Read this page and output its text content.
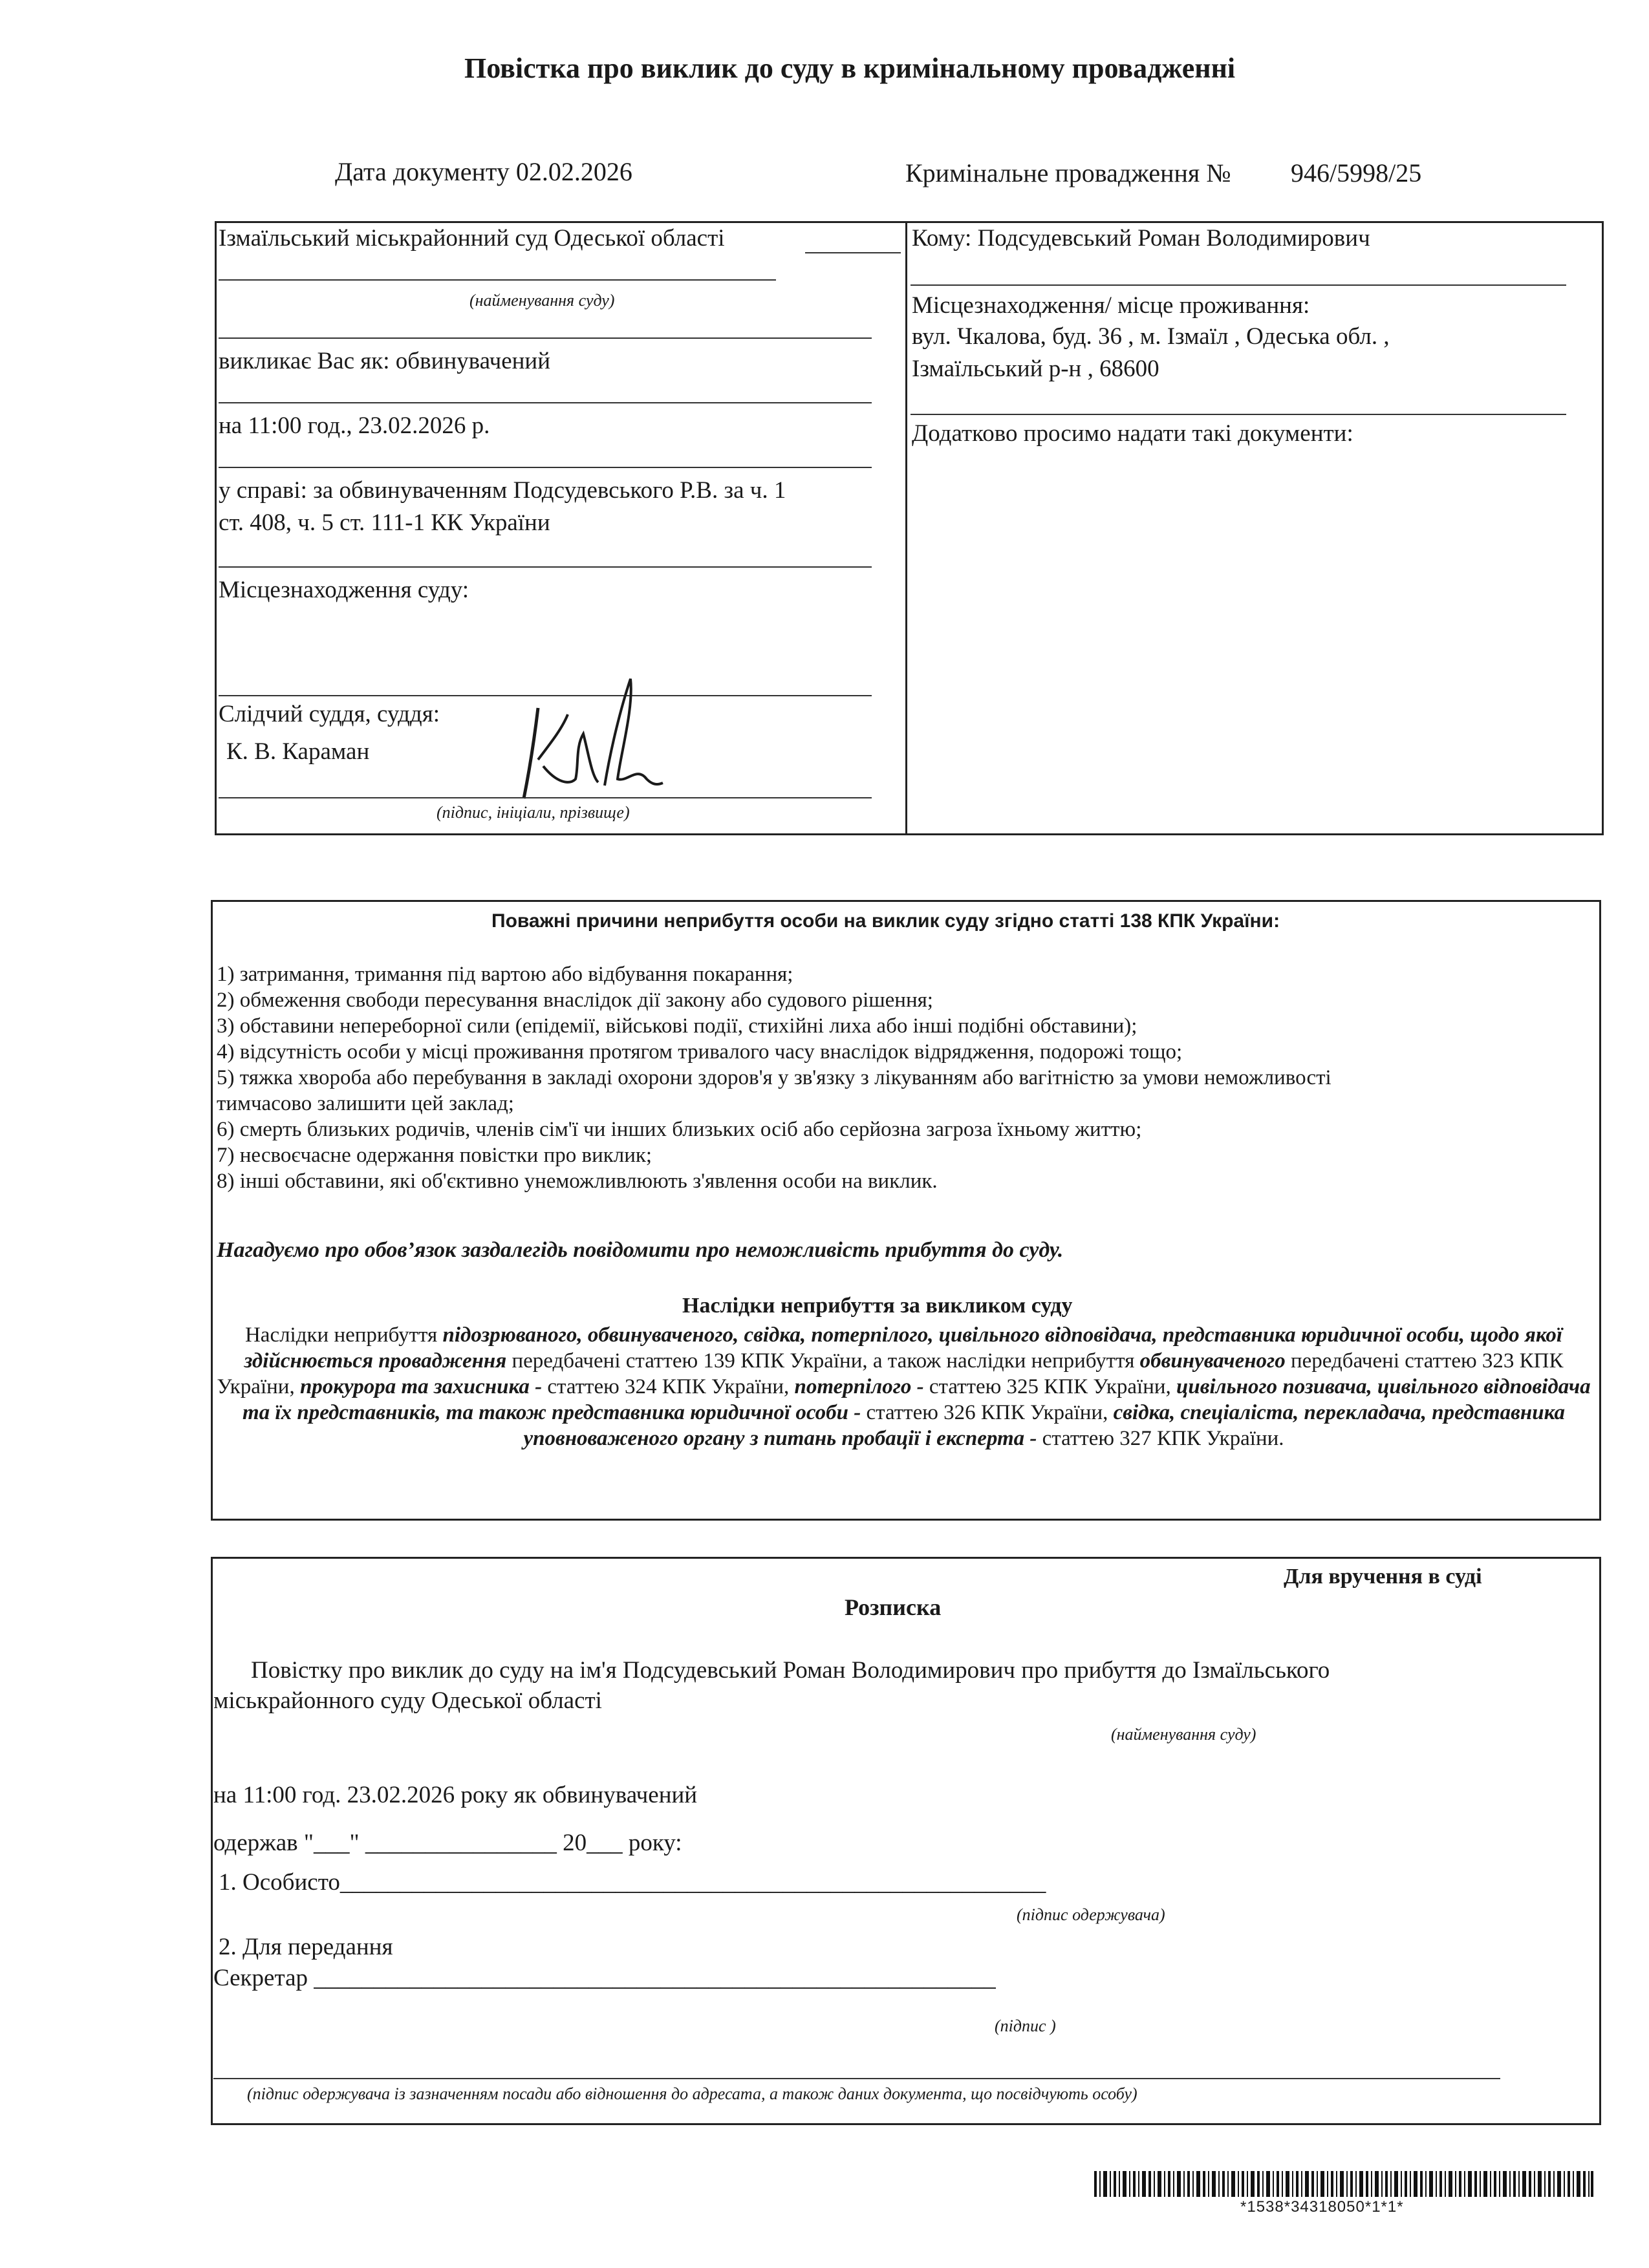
Повістка про виклик до суду в кримінальному провадженні
Дата документу 02.02.2026	Кримінальне провадження № 946/5998/25
Ізмаїльський міськрайонний суд Одеської області
(найменування суду)
викликає Вас як: обвинувачений
на 11:00 год., 23.02.2026 р.
у справі: за обвинуваченням Подсудевського Р.В. за ч. 1
ст. 408, ч. 5 ст. 111-1 КК України
Місцезнаходження суду:
Слідчий суддя, суддя:
К. В. Караман
(підпис, ініціали, прізвище)
Кому: Подсудевський Роман Володимирович
Місцезнаходження/ місце проживання:
вул. Чкалова, буд. 36 , м. Ізмаїл , Одеська обл. ,
Ізмаїльський р-н , 68600
Додатково просимо надати такі документи:
Поважні причини неприбуття особи на виклик суду згідно статті 138 КПК України:
1) затримання, тримання під вартою або відбування покарання;
2) обмеження свободи пересування внаслідок дії закону або судового рішення;
3) обставини непереборної сили (епідемії, військові події, стихійні лиха або інші подібні обставини);
4) відсутність особи у місці проживання протягом тривалого часу внаслідок відрядження, подорожі тощо;
5) тяжка хвороба або перебування в закладі охорони здоров'я у зв'язку з лікуванням або вагітністю за умови неможливості
тимчасово залишити цей заклад;
6) смерть близьких родичів, членів сім'ї чи інших близьких осіб або серйозна загроза їхньому життю;
7) несвоєчасне одержання повістки про виклик;
8) інші обставини, які об'єктивно унеможливлюють з'явлення особи на виклик.
Нагадуємо про обов’язок заздалегідь повідомити про неможливість прибуття до суду.
Наслідки неприбуття за викликом суду
Наслідки неприбуття підозрюваного, обвинуваченого, свідка, потерпілого, цивільного відповідача, представника юридичної особи, щодо якої здійснюється провадження передбачені статтею 139 КПК України, а також наслідки неприбуття обвинуваченого передбачені статтею 323 КПК України, прокурора та захисника - статтею 324 КПК України, потерпілого - статтею 325 КПК України, цивільного позивача, цивільного відповідача та їх представників, та також представника юридичної особи - статтею 326 КПК України, свідка, спеціаліста, перекладача, представника уповноваженого органу з питань пробації і експерта - статтею 327 КПК України.
Для вручення в суді
Розписка
Повістку про виклик до суду на ім'я Подсудевський Роман Володимирович про прибуття до Ізмаїльського
міськрайонного суду Одеської області
(найменування суду)
на 11:00 год. 23.02.2026 року як обвинувачений
одержав "___" ________________ 20___ року:
1. Особисто___________________________________________________________
(підпис одержувача)
2. Для передання
Секретар _________________________________________________________
(підпис )
(підпис одержувача із зазначенням посади або відношення до адресата, а також даних документа, що посвідчують особу)
*1538*34318050*1*1*
